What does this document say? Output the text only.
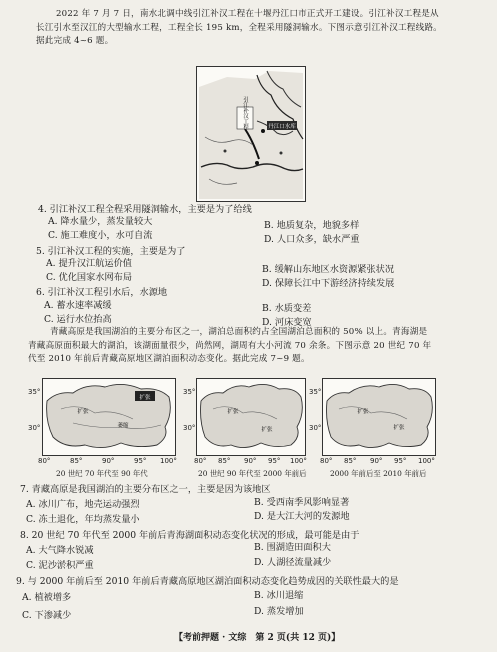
2022 年 7 月 7 日，南水北调中线引江补汉工程在十堰丹江口市正式开工建设。引江补汉工程是从
长江引水至汉江的大型输水工程，工程全长 195 km，全程采用隧洞输水。下图示意引江补汉工程线路。
据此完成 4~6 题。
引江补汉工程	丹江口水库
4. 引江补汉工程全程采用隧洞输水，主要是为了给线
A. 降水量少，蒸发量较大	B. 地质复杂，地貌多样
C. 施工难度小，水可自流	D. 人口众多，缺水严重
5. 引江补汉工程的实施，主要是为了
A. 提升汉江航运价值
B. 缓解山东地区水资源紧张状况
C. 优化国家水网布局
D. 保障长江中下游经济持续发展
6. 引江补汉工程引水后，水源地
A. 蓄水速率减缓	B. 水质变差
C. 运行水位抬高	D. 河床变宽
青藏高原是我国湖泊的主要分布区之一，湖泊总面积约占全国湖泊总面积的 50% 以上。青海湖是
青藏高原面积最大的湖泊，该湖面量很少，尚然网，湖周有大小河流 70 余条。下图示意 20 世纪 70 年
代至 2010 年前后青藏高原地区湖泊面积动态变化。据此完成 7~9 题。
扩张
扩张
萎缩
扩张
扩张
扩张
扩张
35°
30°
35°
30°
35°
30°
80°	85°	90°	95° 100° 80° 85° 90° 95° 100° 80° 85° 90° 95° 100°
20 世纪 70 年代至 90 年代	20 世纪 90 年代至 2000 年前后	2000 年前后至 2010 年前后
7. 青藏高原是我国湖泊的主要分布区之一，主要是因为该地区
A. 冰川广布，地壳运动强烈	B. 受西南季风影响显著
C. 冻土退化，年均蒸发量小	D. 是大江大河的发源地
8. 20 世纪 70 年代至 2000 年前后青海湖面积动态变化状况的形成，最可能是由于
A. 大气降水锐减	B. 围湖造田面积大
C. 泥沙淤积严重	D. 人湖径流量减少
9. 与 2000 年前后至 2010 年前后青藏高原地区湖泊面积动态变化趋势成因的关联性最大的是
A. 植被增多	B. 冰川退缩
C. 下渗减少	D. 蒸发增加
【考前押题 · 文综　第 2 页(共 12 页)】
